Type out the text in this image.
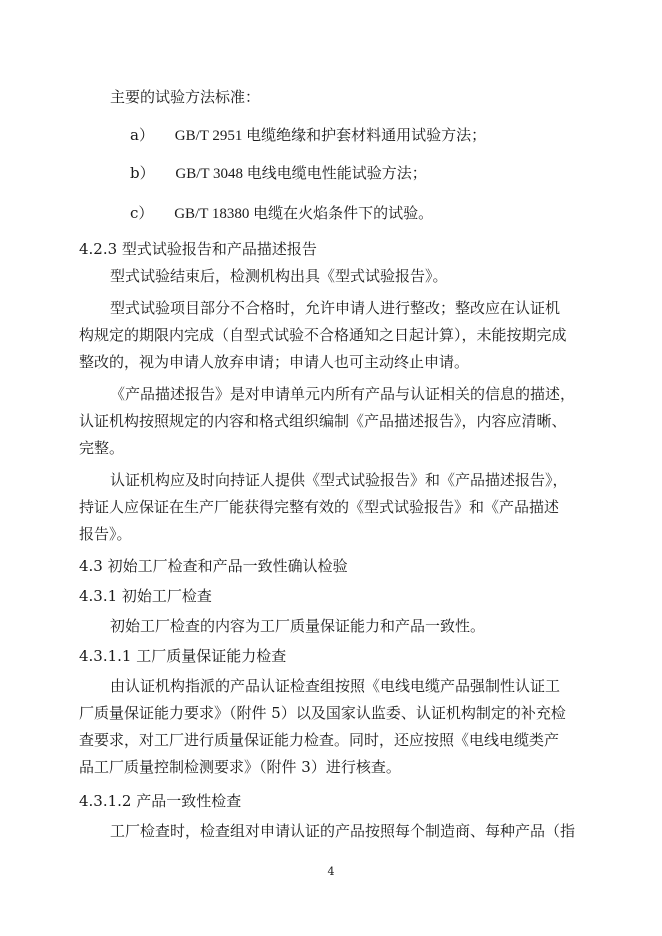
主要的试验方法标准：
a） GB/T 2951 电缆绝缘和护套材料通用试验方法；
b） GB/T 3048 电线电缆电性能试验方法；
c） GB/T 18380 电缆在火焰条件下的试验。
4.2.3 型式试验报告和产品描述报告
型式试验结束后，检测机构出具《型式试验报告》。
型式试验项目部分不合格时，允许申请人进行整改；整改应在认证机
构规定的期限内完成（自型式试验不合格通知之日起计算），未能按期完成
整改的，视为申请人放弃申请；申请人也可主动终止申请。
《产品描述报告》是对申请单元内所有产品与认证相关的信息的描述，
认证机构按照规定的内容和格式组织编制《产品描述报告》，内容应清晰、
完整。
认证机构应及时向持证人提供《型式试验报告》和《产品描述报告》，
持证人应保证在生产厂能获得完整有效的《型式试验报告》和《产品描述
报告》。
4.3 初始工厂检查和产品一致性确认检验
4.3.1 初始工厂检查
初始工厂检查的内容为工厂质量保证能力和产品一致性。
4.3.1.1 工厂质量保证能力检查
由认证机构指派的产品认证检查组按照《电线电缆产品强制性认证工
厂质量保证能力要求》（附件 5）以及国家认监委、认证机构制定的补充检
查要求，对工厂进行质量保证能力检查。同时，还应按照《电线电缆类产
品工厂质量控制检测要求》（附件 3）进行核查。
4.3.1.2 产品一致性检查
工厂检查时，检查组对申请认证的产品按照每个制造商、每种产品（指
4
